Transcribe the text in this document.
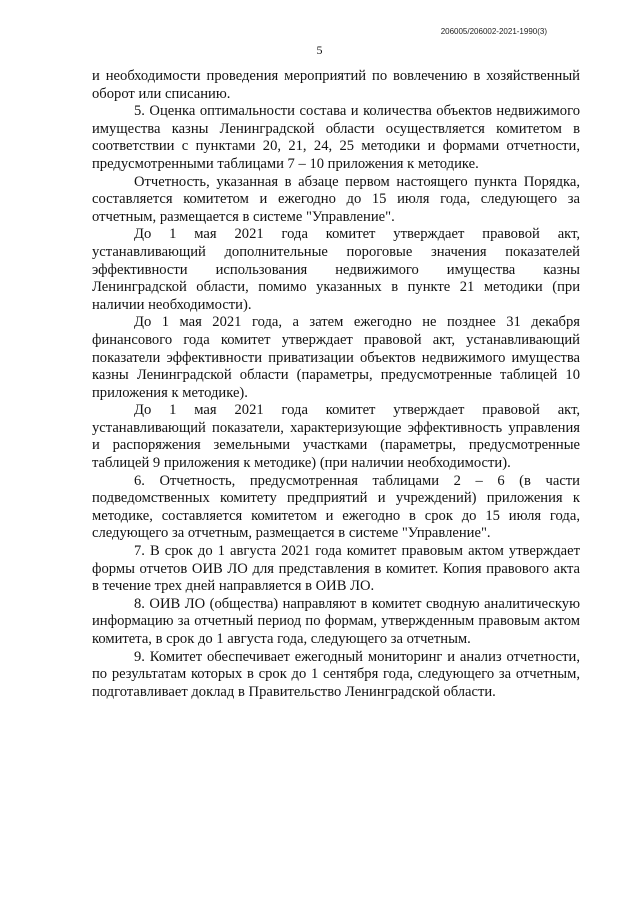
206005/206002-2021-1990(3)
5

и необходимости проведения мероприятий по вовлечению в хозяйственный оборот или списанию.

5. Оценка оптимальности состава и количества объектов недвижимого имущества казны Ленинградской области осуществляется комитетом в соответствии с пунктами 20, 21, 24, 25 методики и формами отчетности, предусмотренными таблицами 7 – 10 приложения к методике.

Отчетность, указанная в абзаце первом настоящего пункта Порядка, составляется комитетом и ежегодно до 15 июля года, следующего за отчетным, размещается в системе "Управление".

До 1 мая 2021 года комитет утверждает правовой акт, устанавливающий дополнительные пороговые значения показателей эффективности использования недвижимого имущества казны Ленинградской области, помимо указанных в пункте 21 методики (при наличии необходимости).

До 1 мая 2021 года, а затем ежегодно не позднее 31 декабря финансового года комитет утверждает правовой акт, устанавливающий показатели эффективности приватизации объектов недвижимого имущества казны Ленинградской области (параметры, предусмотренные таблицей 10 приложения к методике).

До 1 мая 2021 года комитет утверждает правовой акт, устанавливающий показатели, характеризующие эффективность управления и распоряжения земельными участками (параметры, предусмотренные таблицей 9 приложения к методике) (при наличии необходимости).

6. Отчетность, предусмотренная таблицами 2 – 6 (в части подведомственных комитету предприятий и учреждений) приложения к методике, составляется комитетом и ежегодно в срок до 15 июля года, следующего за отчетным, размещается в системе "Управление".

7. В срок до 1 августа 2021 года комитет правовым актом утверждает формы отчетов ОИВ ЛО для представления в комитет. Копия правового акта в течение трех дней направляется в ОИВ ЛО.

8. ОИВ ЛО (общества) направляют в комитет сводную аналитическую информацию за отчетный период по формам, утвержденным правовым актом комитета, в срок до 1 августа года, следующего за отчетным.

9. Комитет обеспечивает ежегодный мониторинг и анализ отчетности, по результатам которых в срок до 1 сентября года, следующего за отчетным, подготавливает доклад в Правительство Ленинградской области.
